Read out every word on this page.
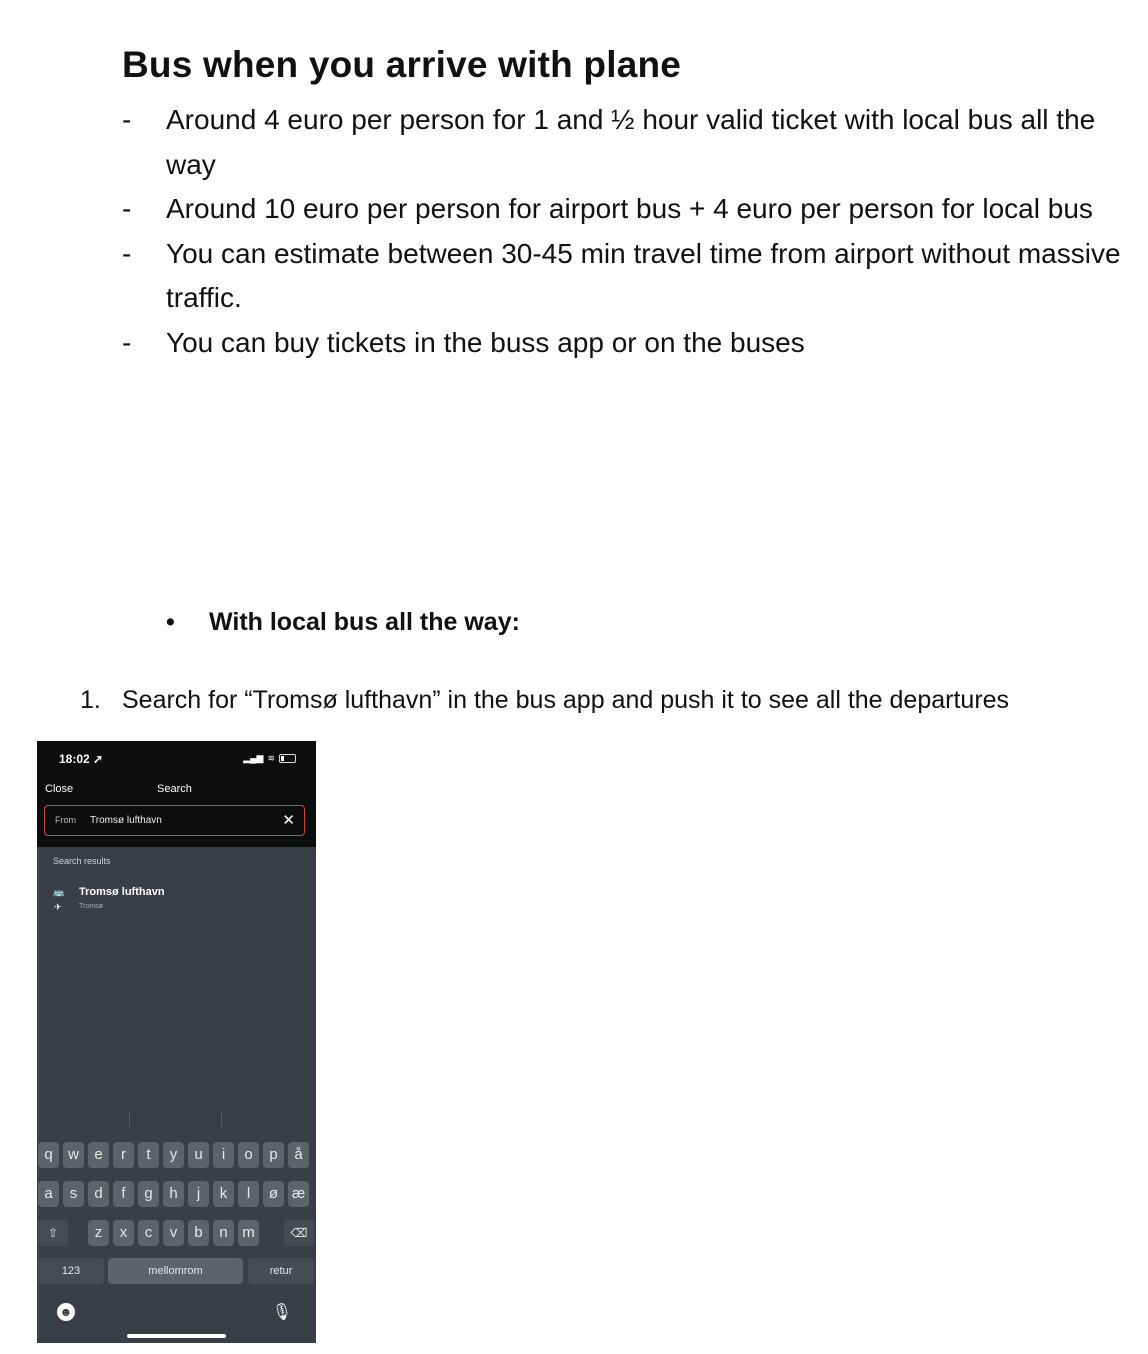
Bus when you arrive with plane
- Around 4 euro per person for 1 and ½ hour valid ticket with local bus all the way
- Around 10 euro per person for airport bus + 4 euro per person for local bus
- You can estimate between 30-45 min travel time from airport without massive traffic.
- You can buy tickets in the buss app or on the buses
• With local bus all the way:
1. Search for “Tromsø lufthavn” in the bus app and push it to see all the departures
18:02 ➚	▂▄▆ ≋
Close	Search
From Tromsø lufthavn	✕
Search results
🚌
✈
Tromsø lufthavn
Tromsø
q	w	e	r	t	y	u	i	o	p	å
a	s	d	f	g	h	j	k	l	ø æ
⇧	z	x	c	v	b	n m	⌫
123	mellomrom	retur
☻	🎙
